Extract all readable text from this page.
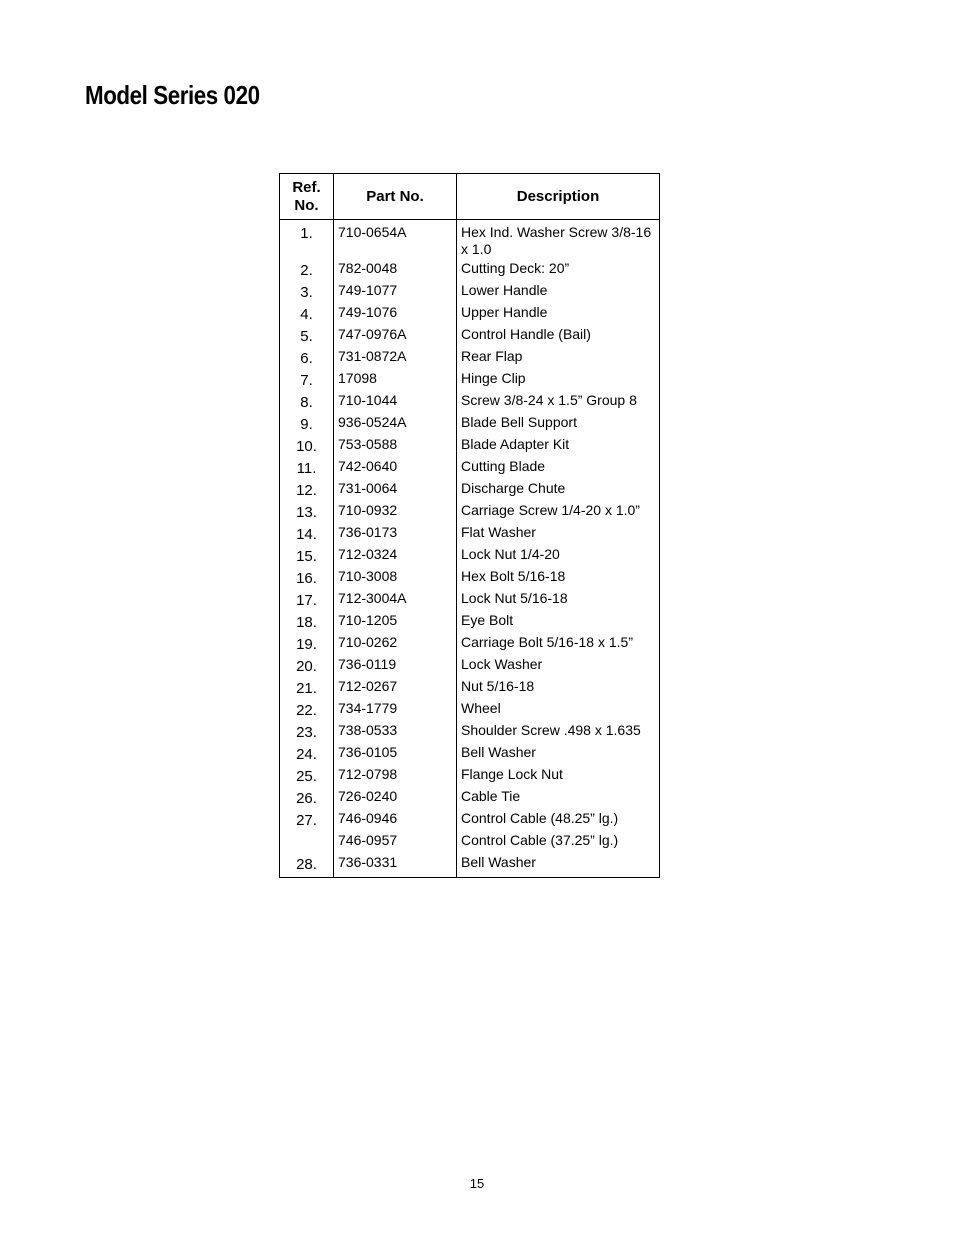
Model Series 020
Ref.
No.	Part No.	Description
1.	710-0654A	Hex Ind. Washer Screw 3/8-16 x 1.0
2.	782-0048	Cutting Deck: 20”
3.	749-1077	Lower Handle
4.	749-1076	Upper Handle
5.	747-0976A	Control Handle (Bail)
6.	731-0872A	Rear Flap
7.	17098	Hinge Clip
8.	710-1044	Screw 3/8-24 x 1.5” Group 8
9.	936-0524A	Blade Bell Support
10.	753-0588	Blade Adapter Kit
11.	742-0640	Cutting Blade
12.	731-0064	Discharge Chute
13.	710-0932	Carriage Screw 1/4-20 x 1.0”
14.	736-0173	Flat Washer
15.	712-0324	Lock Nut 1/4-20
16.	710-3008	Hex Bolt 5/16-18
17.	712-3004A	Lock Nut 5/16-18
18.	710-1205	Eye Bolt
19.	710-0262	Carriage Bolt 5/16-18 x 1.5”
20.	736-0119	Lock Washer
21.	712-0267	Nut 5/16-18
22.	734-1779	Wheel
23.	738-0533	Shoulder Screw .498 x 1.635
24.	736-0105	Bell Washer
25.	712-0798	Flange Lock Nut
26.	726-0240	Cable Tie
27.	746-0946	Control Cable (48.25” lg.)
	746-0957	Control Cable (37.25” lg.)
28.	736-0331	Bell Washer
15
